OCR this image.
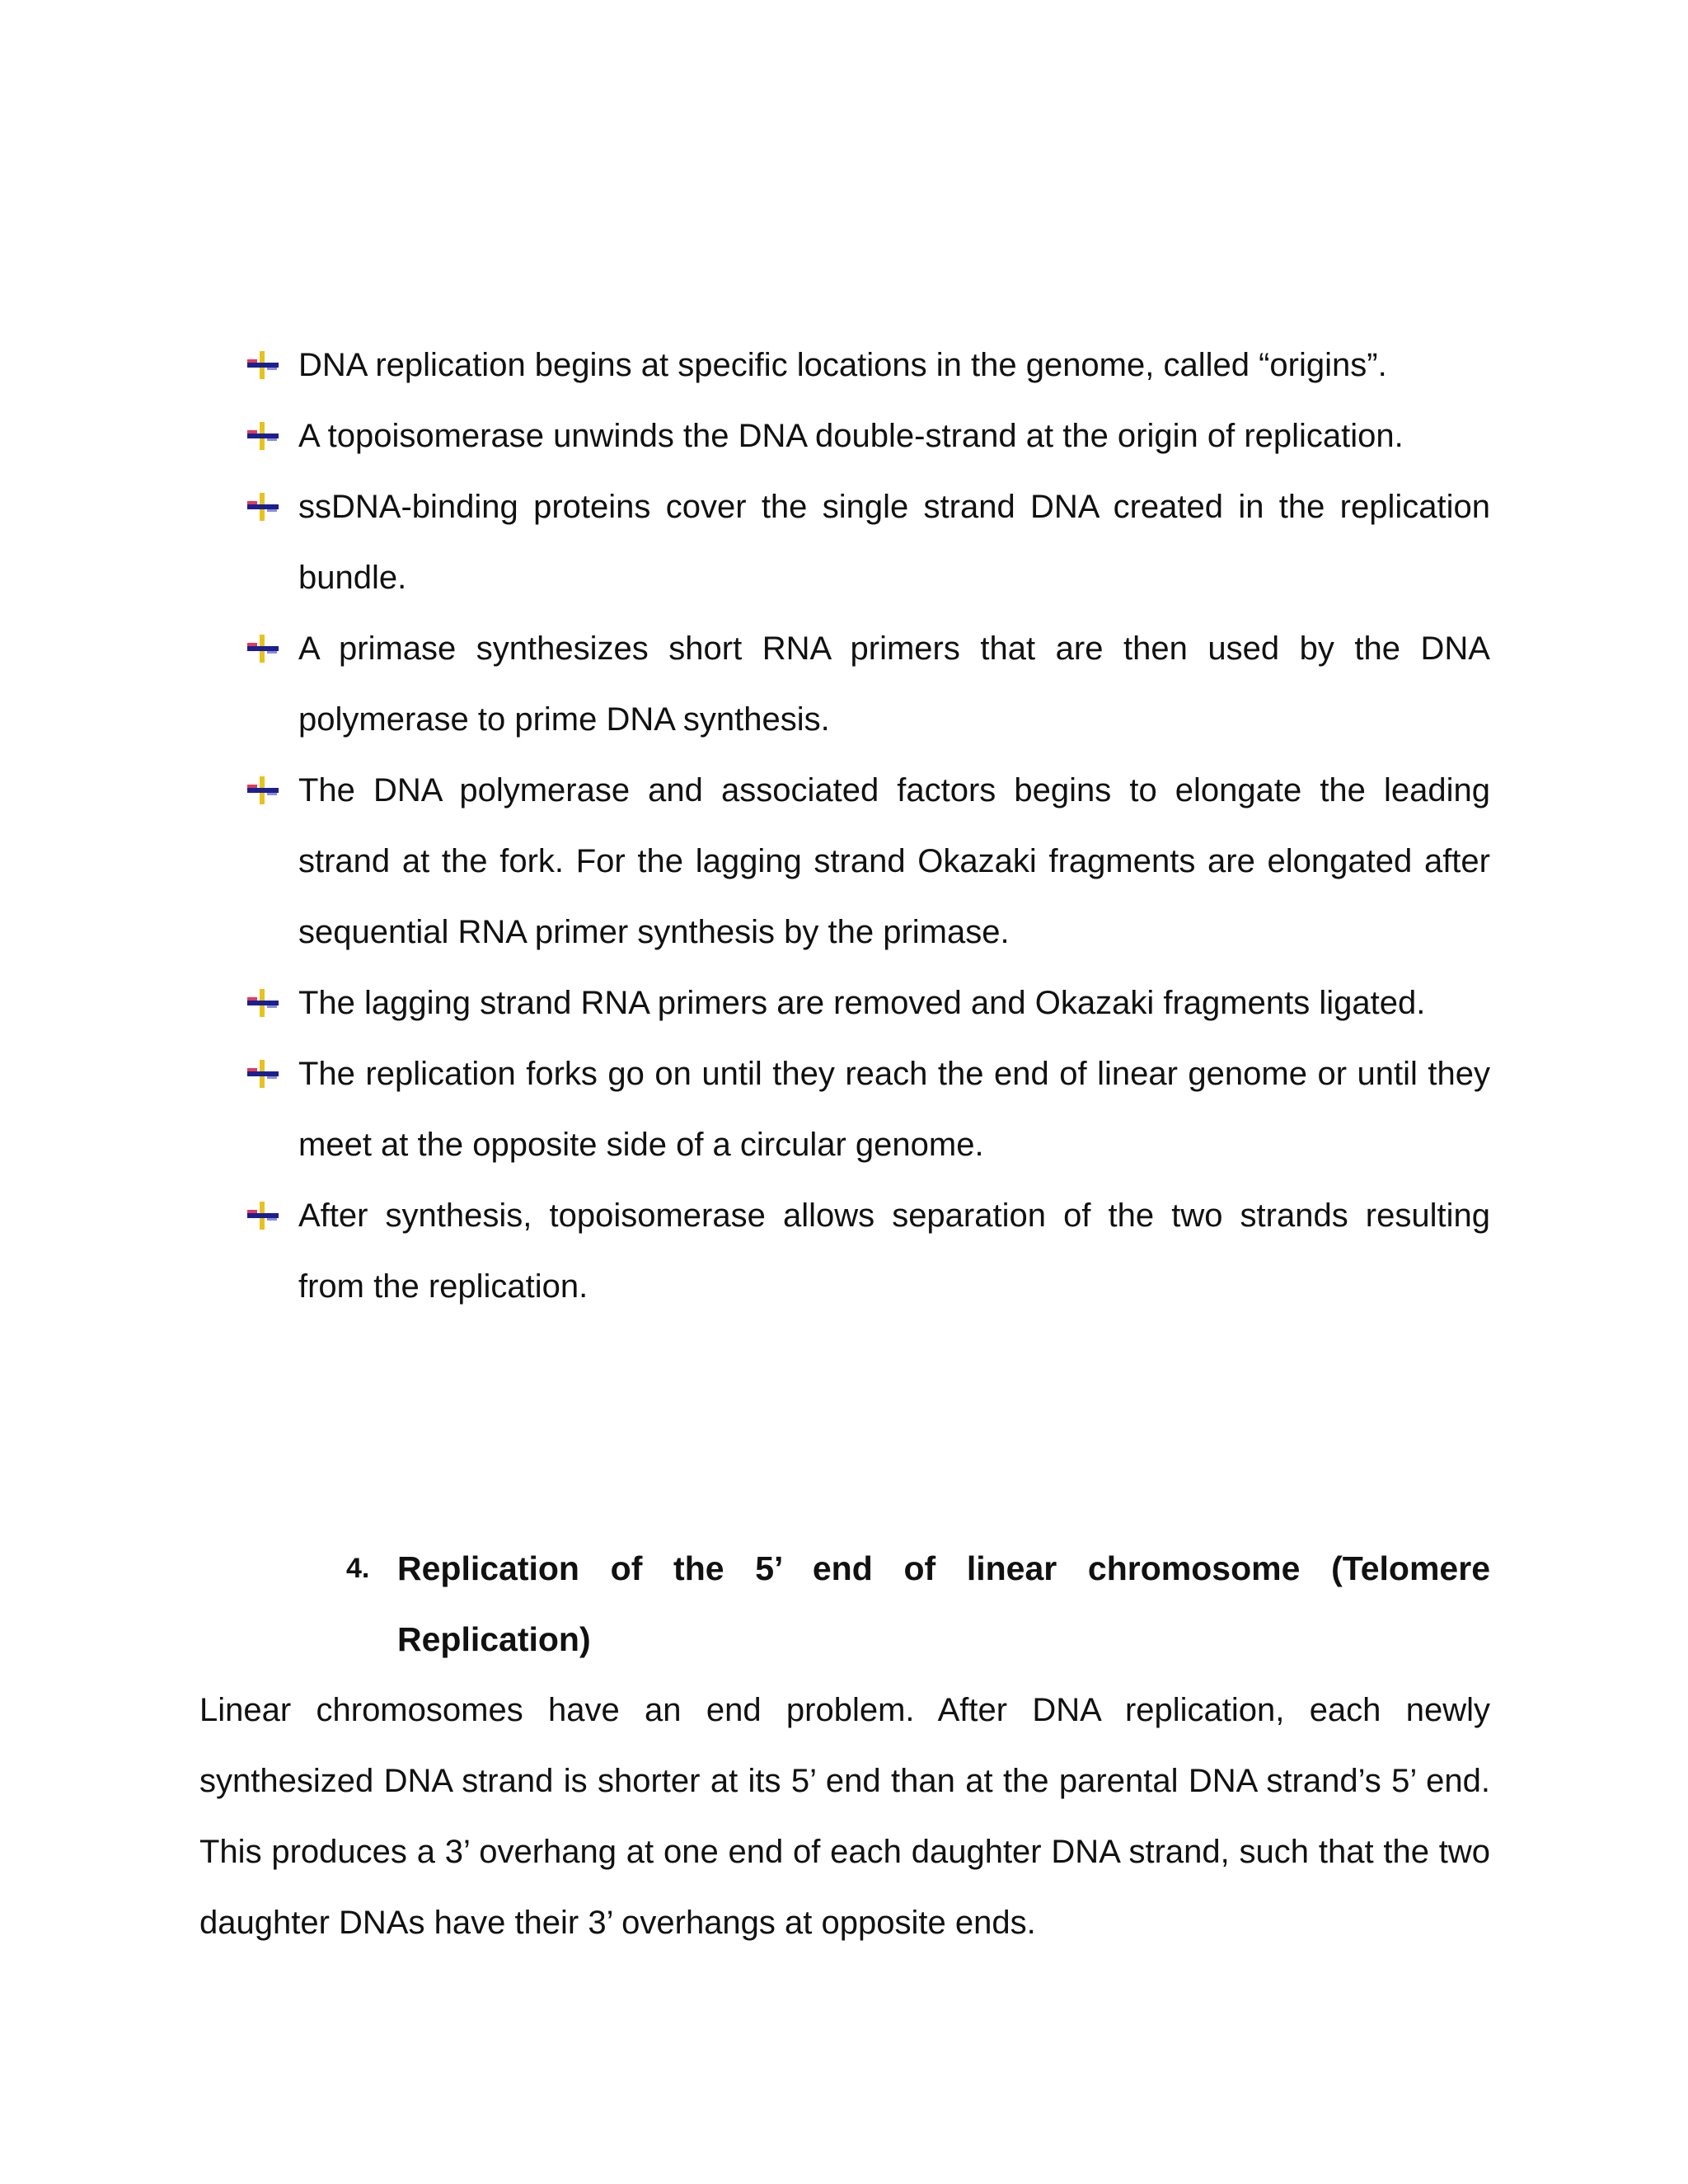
DNA replication begins at specific locations in the genome, called “origins”.
A topoisomerase unwinds the DNA double-strand at the origin of replication.
ssDNA-binding proteins cover the single strand DNA created in the replication bundle.
A primase synthesizes short RNA primers that are then used by the DNA polymerase to prime DNA synthesis.
The DNA polymerase and associated factors begins to elongate the leading strand at the fork. For the lagging strand Okazaki fragments are elongated after sequential RNA primer synthesis by the primase.
The lagging strand RNA primers are removed and Okazaki fragments ligated.
The replication forks go on until they reach the end of linear genome or until they meet at the opposite side of a circular genome.
After synthesis, topoisomerase allows separation of the two strands resulting from the replication.
4. Replication of the 5’ end of linear chromosome (Telomere Replication)

Linear chromosomes have an end problem. After DNA replication, each newly synthesized DNA strand is shorter at its 5’ end than at the parental DNA strand’s 5’ end. This produces a 3’ overhang at one end of each daughter DNA strand, such that the two daughter DNAs have their 3’ overhangs at opposite ends.
